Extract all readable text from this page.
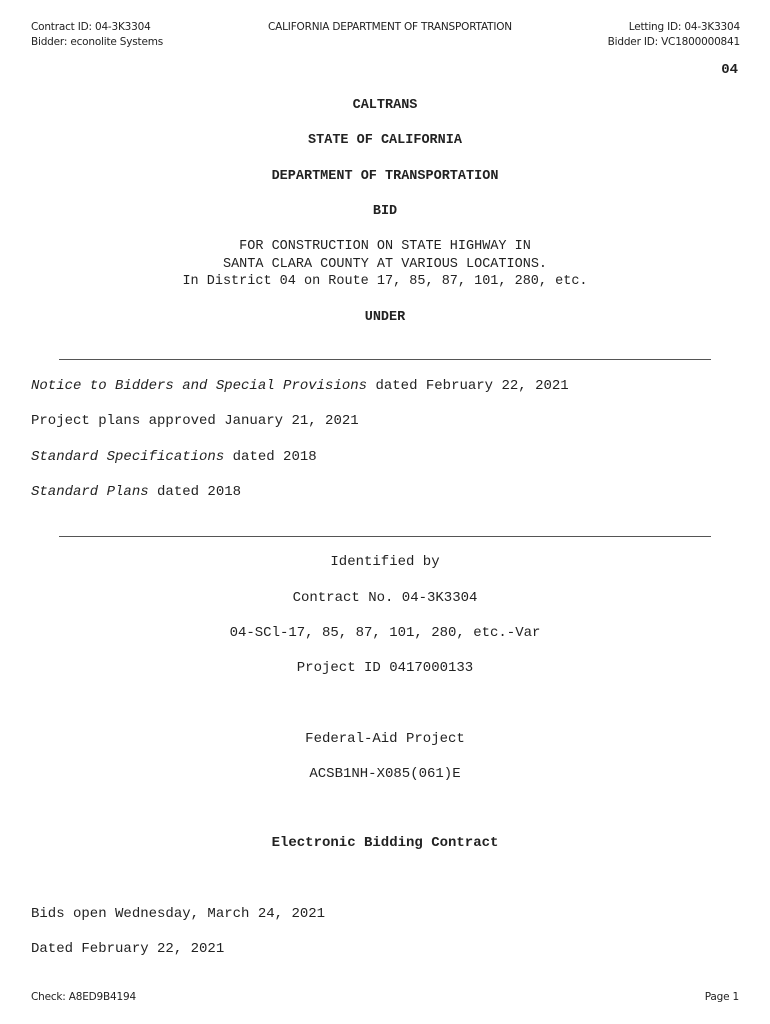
Contract ID: 04-3K3304
Bidder: econolite Systems
CALIFORNIA DEPARTMENT OF TRANSPORTATION	Letting ID: 04-3K3304
Bidder ID: VC1800000841
04
CALTRANS
STATE OF CALIFORNIA
DEPARTMENT OF TRANSPORTATION
BID
FOR CONSTRUCTION ON STATE HIGHWAY IN
SANTA CLARA COUNTY AT VARIOUS LOCATIONS.
In District 04 on Route 17, 85, 87, 101, 280, etc.
UNDER
Notice to Bidders and Special Provisions dated February 22, 2021
Project plans approved January 21, 2021
Standard Specifications dated 2018
Standard Plans dated 2018
Identified by
Contract No. 04-3K3304
04-SCl-17, 85, 87, 101, 280, etc.-Var
Project ID 0417000133
Federal-Aid Project
ACSB1NH-X085(061)E
Electronic Bidding Contract
Bids open Wednesday, March 24, 2021
Dated February 22, 2021
Check: A8ED9B4194	Page 1
